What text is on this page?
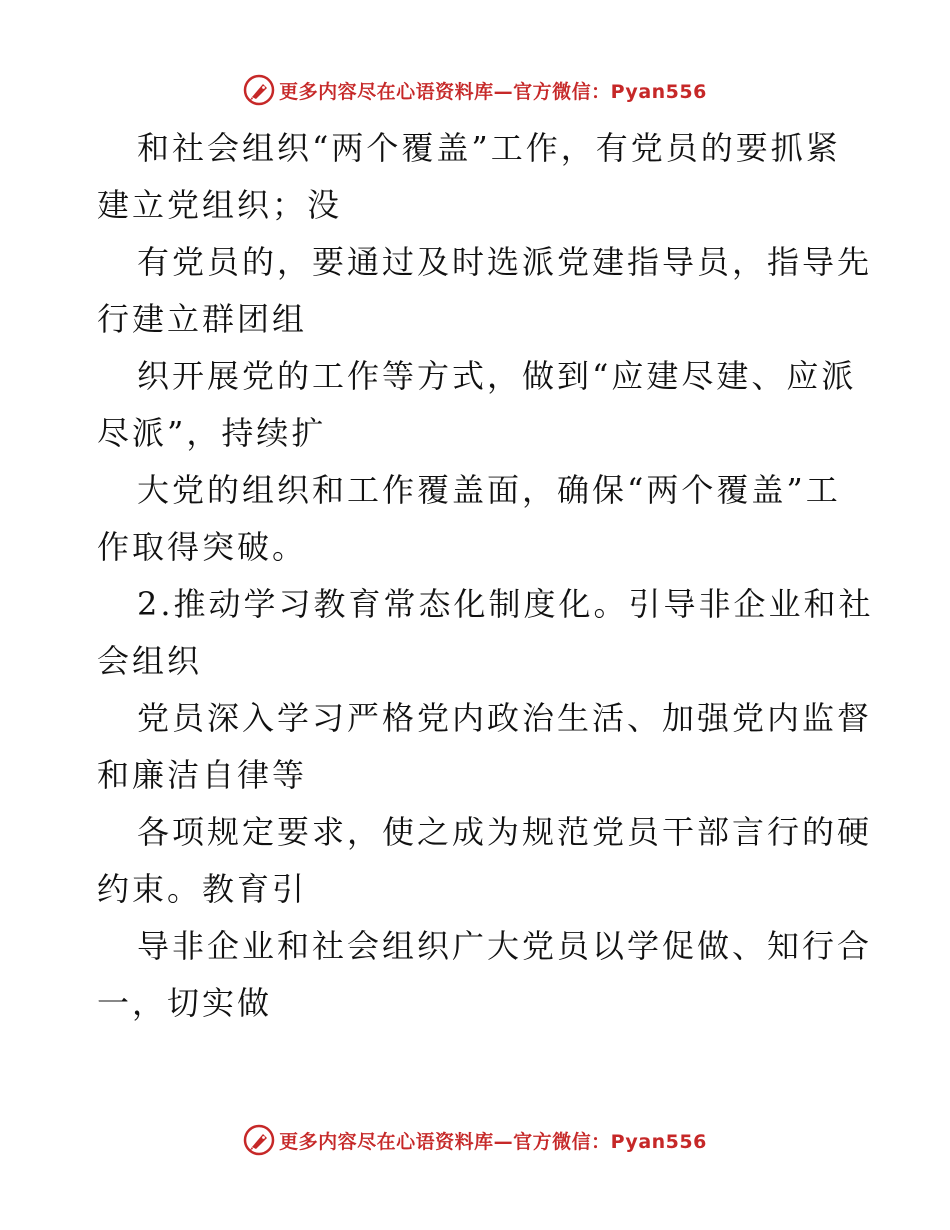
更多内容尽在心语资料库—官方微信：Pyan556

和社会组织“两个覆盖”工作，有党员的要抓紧

建立党组织；没

有党员的，要通过及时选派党建指导员，指导先

行建立群团组

织开展党的工作等方式，做到“应建尽建、应派

尽派”，持续扩

大党的组织和工作覆盖面，确保“两个覆盖”工

作取得突破。

2.推动学习教育常态化制度化。引导非企业和社

会组织

党员深入学习严格党内政治生活、加强党内监督

和廉洁自律等

各项规定要求，使之成为规范党员干部言行的硬

约束。教育引

导非企业和社会组织广大党员以学促做、知行合

一，切实做

更多内容尽在心语资料库—官方微信：Pyan556
